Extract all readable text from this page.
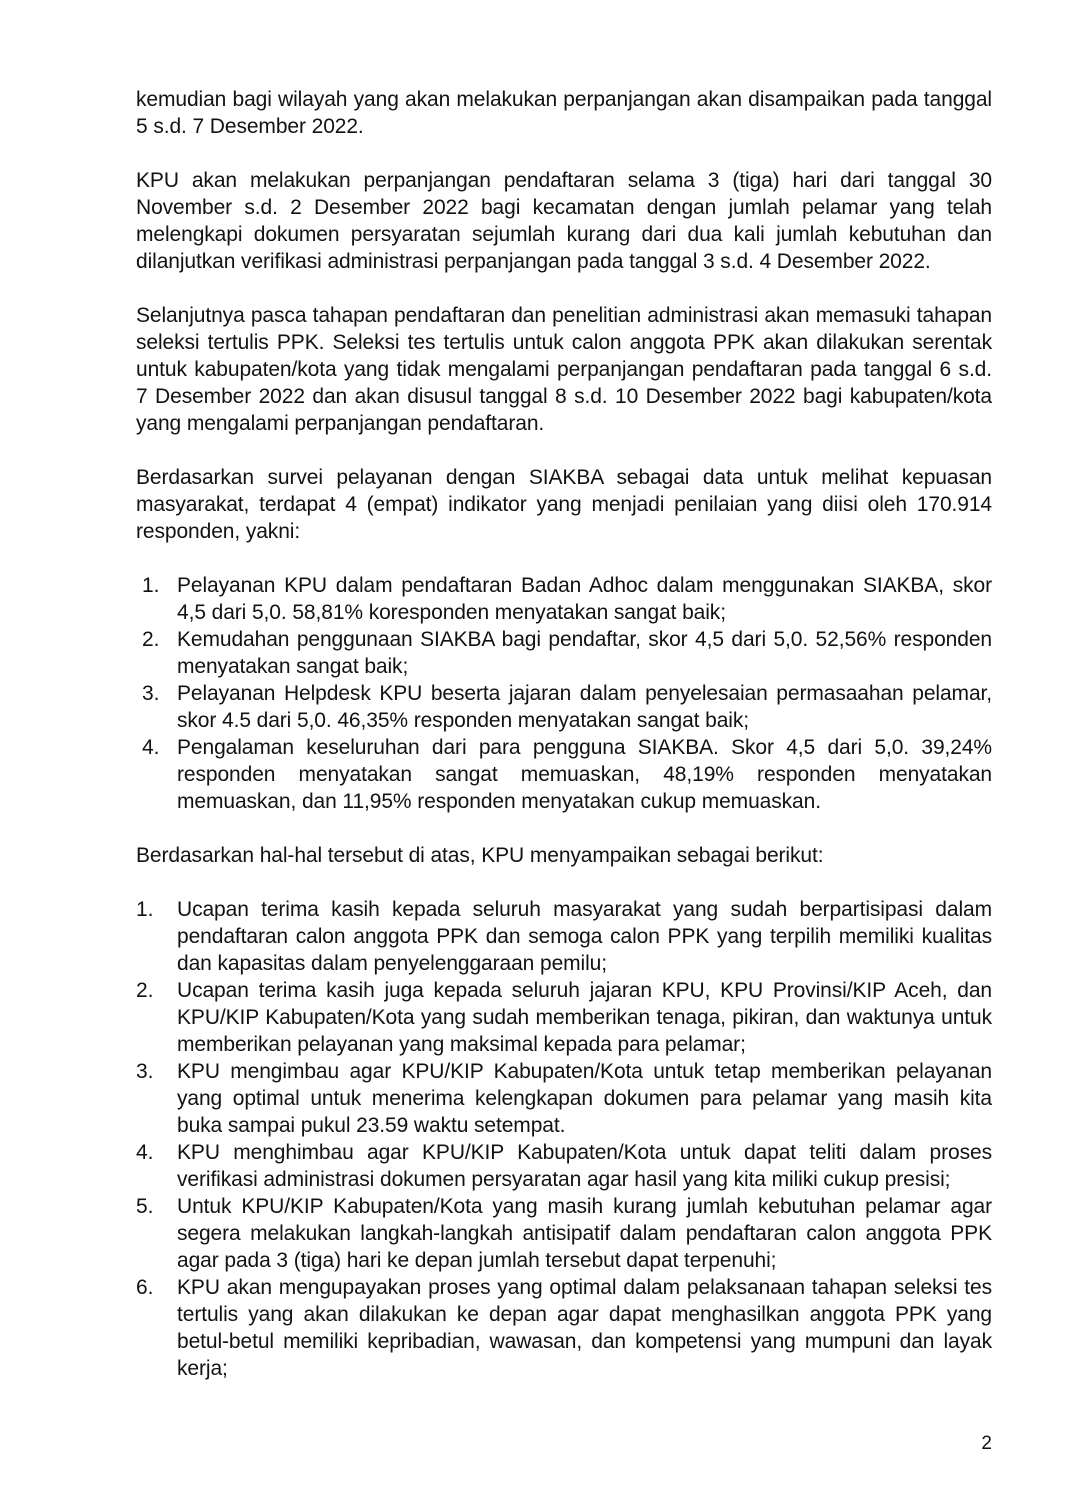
kemudian bagi wilayah yang akan melakukan perpanjangan akan disampaikan pada tanggal 5 s.d. 7 Desember 2022.

KPU akan melakukan perpanjangan pendaftaran selama 3 (tiga) hari dari tanggal 30 November s.d. 2 Desember 2022 bagi kecamatan dengan jumlah pelamar yang telah melengkapi dokumen persyaratan sejumlah kurang dari dua kali jumlah kebutuhan dan dilanjutkan verifikasi administrasi perpanjangan pada tanggal 3 s.d. 4 Desember 2022.

Selanjutnya pasca tahapan pendaftaran dan penelitian administrasi akan memasuki tahapan seleksi tertulis PPK. Seleksi tes tertulis untuk calon anggota PPK akan dilakukan serentak untuk kabupaten/kota yang tidak mengalami perpanjangan pendaftaran pada tanggal 6 s.d. 7 Desember 2022 dan akan disusul tanggal 8 s.d. 10 Desember 2022 bagi kabupaten/kota yang mengalami perpanjangan pendaftaran.

Berdasarkan survei pelayanan dengan SIAKBA sebagai data untuk melihat kepuasan masyarakat, terdapat 4 (empat) indikator yang menjadi penilaian yang diisi oleh 170.914 responden, yakni:

1. Pelayanan KPU dalam pendaftaran Badan Adhoc dalam menggunakan SIAKBA, skor 4,5 dari 5,0. 58,81% koresponden menyatakan sangat baik;
2. Kemudahan penggunaan SIAKBA bagi pendaftar, skor 4,5 dari 5,0. 52,56% responden menyatakan sangat baik;
3. Pelayanan Helpdesk KPU beserta jajaran dalam penyelesaian permasaahan pelamar, skor 4.5 dari 5,0. 46,35% responden menyatakan sangat baik;
4. Pengalaman keseluruhan dari para pengguna SIAKBA. Skor 4,5 dari 5,0. 39,24% responden menyatakan sangat memuaskan, 48,19% responden menyatakan memuaskan, dan 11,95% responden menyatakan cukup memuaskan.

Berdasarkan hal-hal tersebut di atas, KPU menyampaikan sebagai berikut:

1.	Ucapan terima kasih kepada seluruh masyarakat yang sudah berpartisipasi dalam pendaftaran calon anggota PPK dan semoga calon PPK yang terpilih memiliki kualitas dan kapasitas dalam penyelenggaraan pemilu;
2.	Ucapan terima kasih juga kepada seluruh jajaran KPU, KPU Provinsi/KIP Aceh, dan KPU/KIP Kabupaten/Kota yang sudah memberikan tenaga, pikiran, dan waktunya untuk memberikan pelayanan yang maksimal kepada para pelamar;
3.	KPU mengimbau agar KPU/KIP Kabupaten/Kota untuk tetap memberikan pelayanan yang optimal untuk menerima kelengkapan dokumen para pelamar yang masih kita buka sampai pukul 23.59 waktu setempat.
4.	KPU menghimbau agar KPU/KIP Kabupaten/Kota untuk dapat teliti dalam proses verifikasi administrasi dokumen persyaratan agar hasil yang kita miliki cukup presisi;
5.	Untuk KPU/KIP Kabupaten/Kota yang masih kurang jumlah kebutuhan pelamar agar segera melakukan langkah-langkah antisipatif dalam pendaftaran calon anggota PPK agar pada 3 (tiga) hari ke depan jumlah tersebut dapat terpenuhi;
6.	KPU akan mengupayakan proses yang optimal dalam pelaksanaan tahapan seleksi tes tertulis yang akan dilakukan ke depan agar dapat menghasilkan anggota PPK yang betul-betul memiliki kepribadian, wawasan, dan kompetensi yang mumpuni dan layak kerja;
2
